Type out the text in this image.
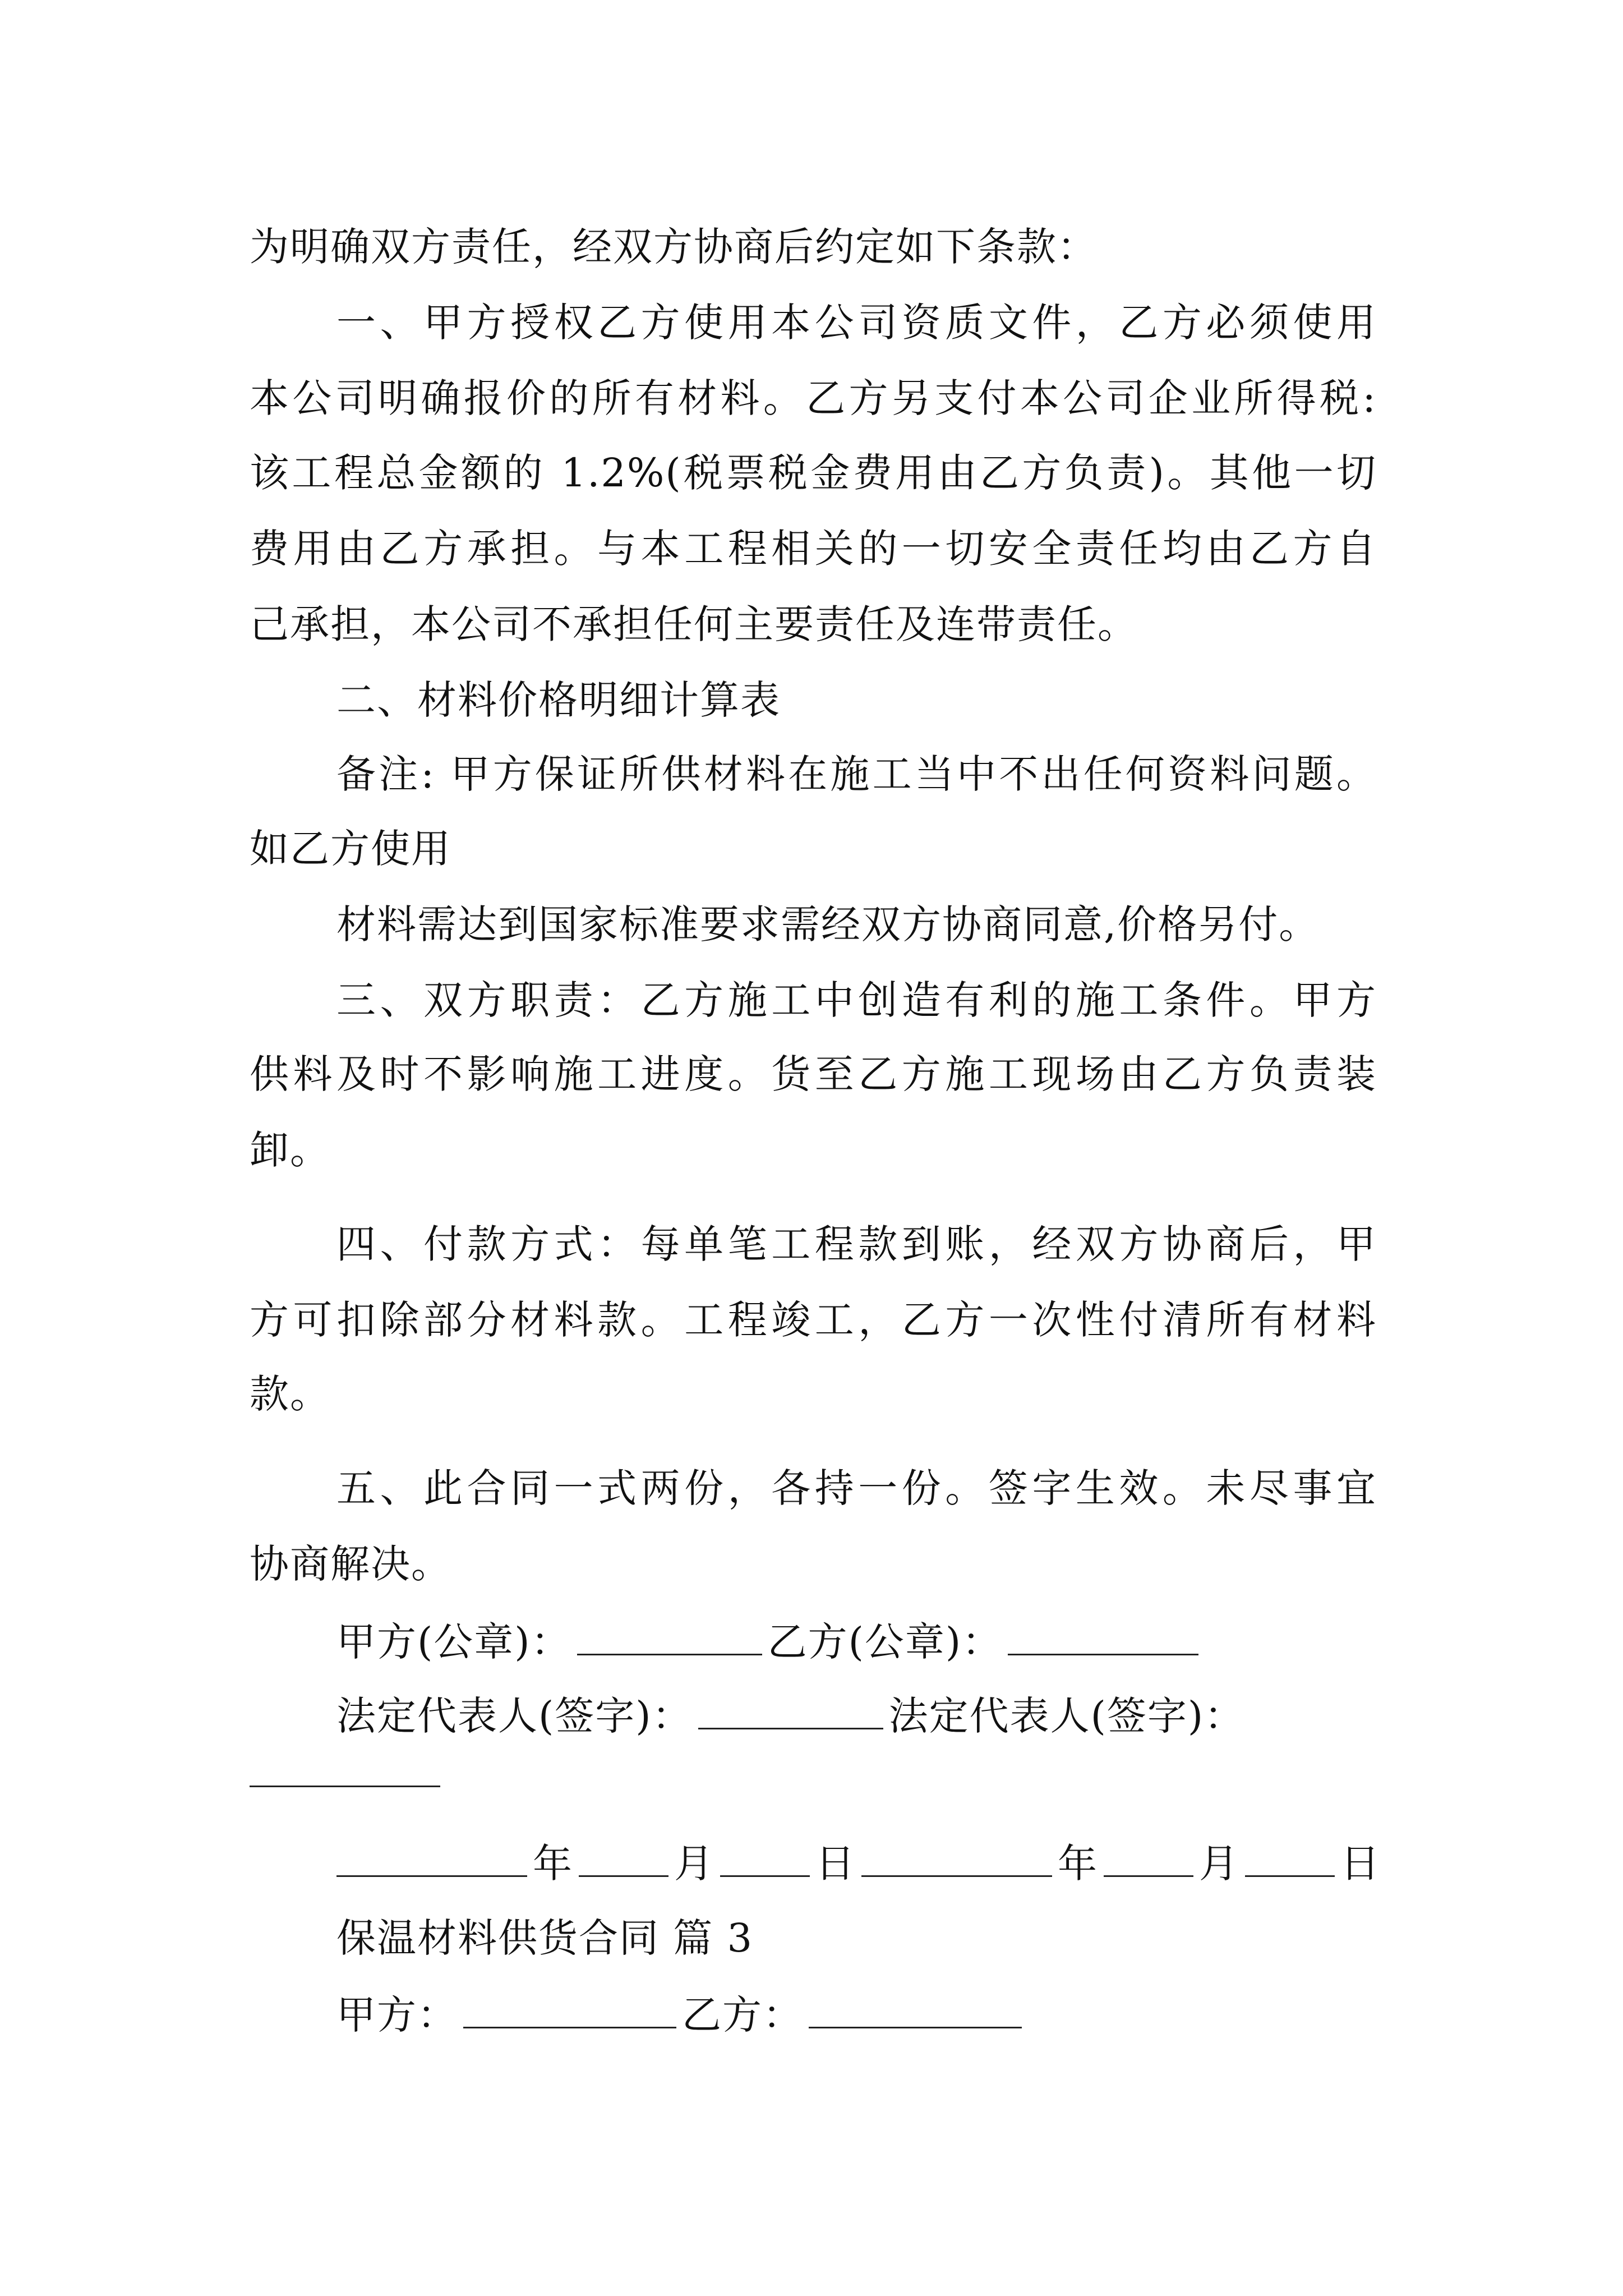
为明确双方责任，经双方协商后约定如下条款：
一、甲方授权乙方使用本公司资质文件，乙方必须使用
本公司明确报价的所有材料。乙方另支付本公司企业所得税:
该工程总金额的 1.2%(税票税金费用由乙方负责)。其他一切
费用由乙方承担。与本工程相关的一切安全责任均由乙方自
己承担，本公司不承担任何主要责任及连带责任。
二、材料价格明细计算表
备注: 甲方保证所供材料在施工当中不出任何资料问题。
如乙方使用
材料需达到国家标准要求需经双方协商同意,价格另付。
三、双方职责：乙方施工中创造有利的施工条件。甲方
供料及时不影响施工进度。货至乙方施工现场由乙方负责装
卸。
四、付款方式：每单笔工程款到账，经双方协商后，甲
方可扣除部分材料款。工程竣工，乙方一次性付清所有材料
款。
五、此合同一式两份，各持一份。签字生效。未尽事宜
协商解决。
甲方(公章)：	乙方(公章)：
法定代表人(签字)：	法定代表人(签字)：
年	月	日	年	月	日
保温材料供货合同 篇 3
甲方：	乙方：
